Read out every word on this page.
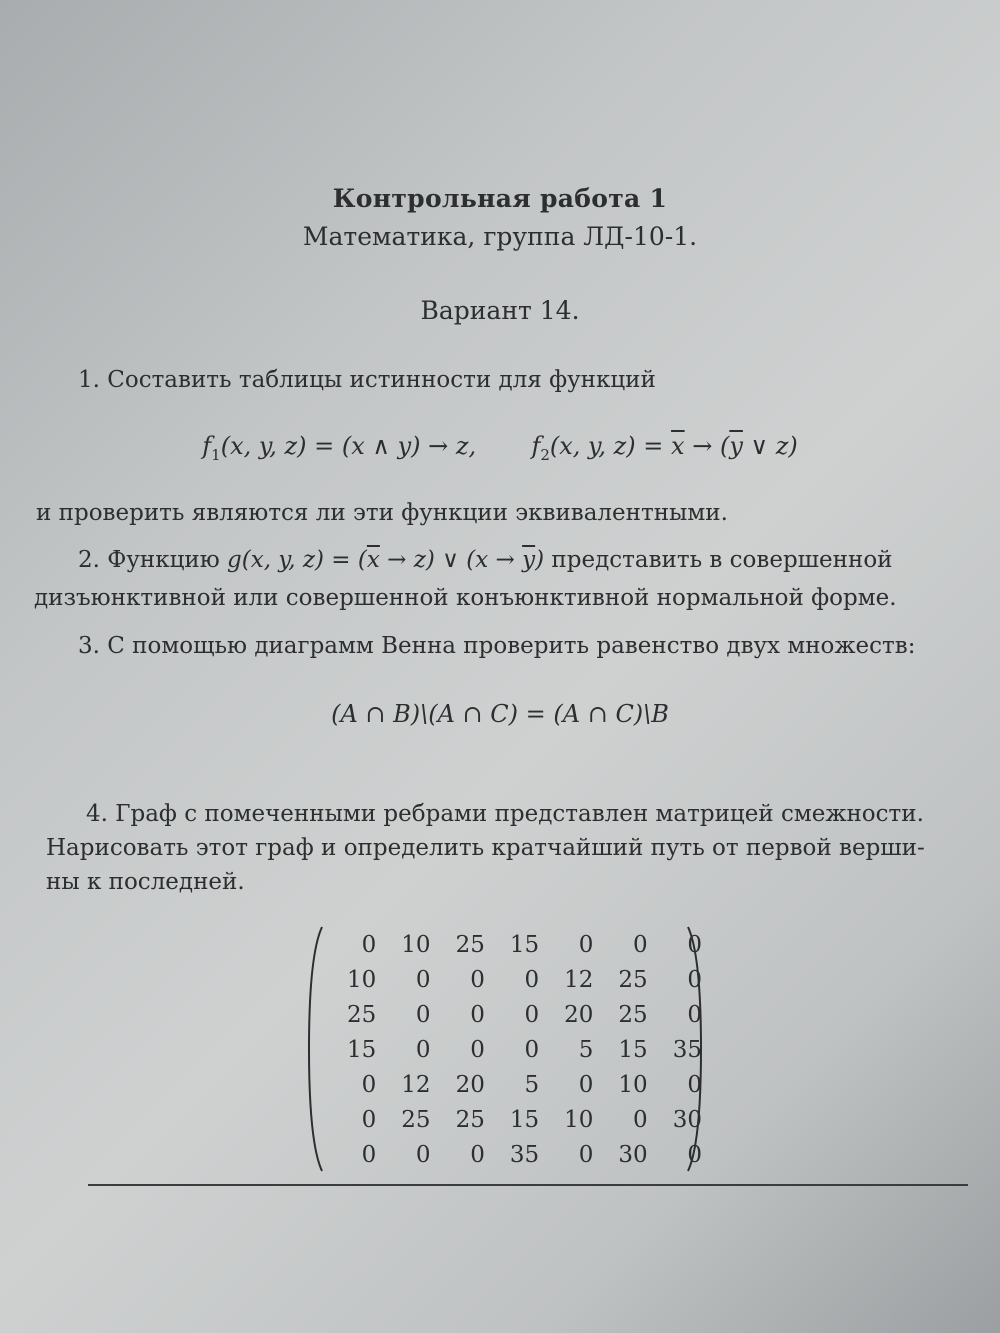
Контрольная работа 1
Математика, группа ЛД-10-1.
Вариант 14.
1. Составить таблицы истинности для функций
$f_1(x$, y, z) = (x ∧ y) → z, $f_2(x$, y, $z) = \overline{x} \to (\overline{y}$ ∨ z)
и проверить являются ли эти функции эквивалентными.
2. Функцию g(x, y, $z) = (\overline{x} \to z)$ ∨ $(x \to \overline{y})$ представить в совершенной
дизъюнктивной или совершенной конъюнктивной нормальной форме.
3. С помощью диаграмм Венна проверить равенство двух множеств:
(A ∩ B)\(A ∩ C) = (A ∩ C)\B
4. Граф с помеченными ребрами представлен матрицей смежности.
Нарисовать этот граф и определить кратчайший путь от первой верши-
ны к последней.
0	10	25	15	0	0	0
10	0	0	0	12	25	0
25	0	0	0	20	25	0
15	0	0	0	5	15	35
0	12	20	5	0	10	0
0	25	25	15	10	0	30
0	0	0	35	0	30	0
